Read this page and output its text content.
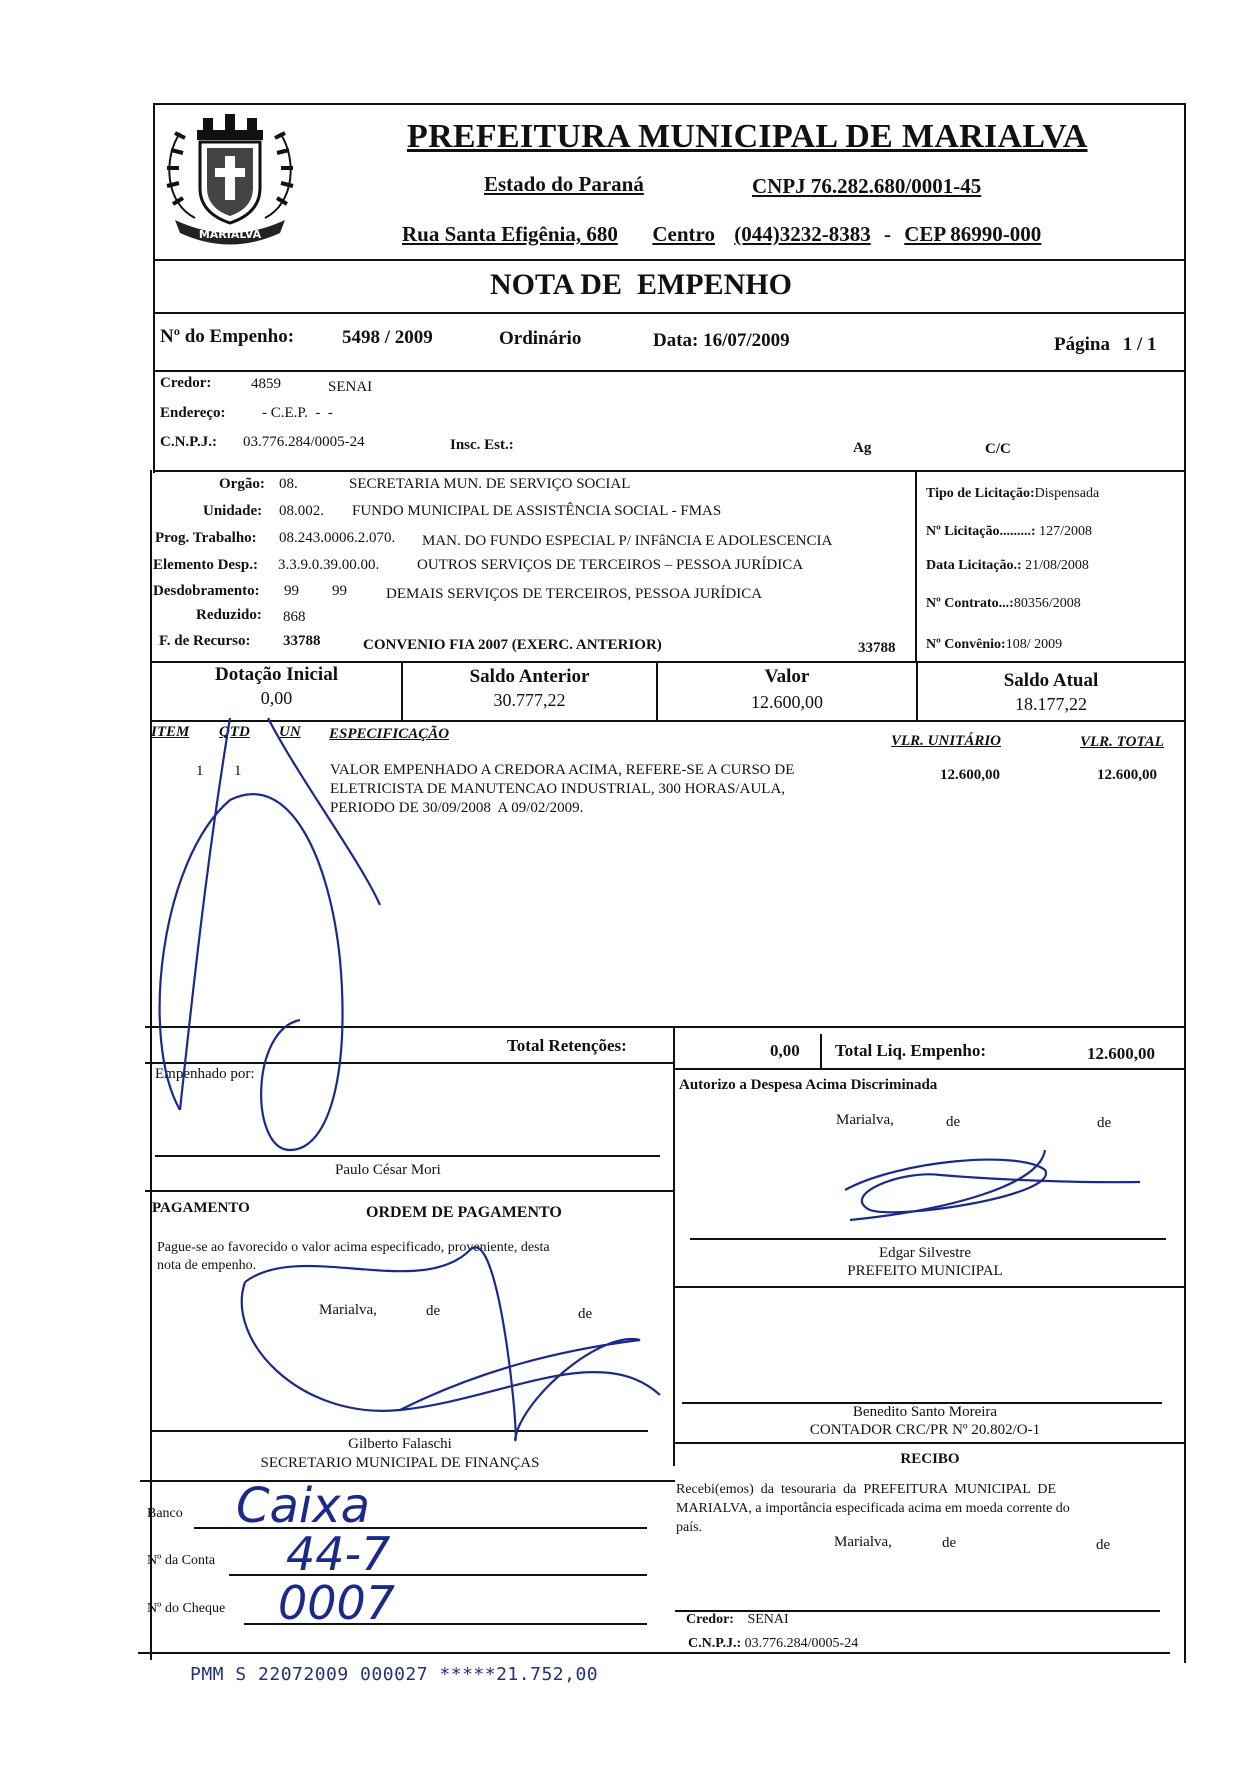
MARIALVA
PREFEITURA MUNICIPAL DE MARIALVA
Estado do Paraná	CNPJ 76.282.680/0001-45
Rua Santa Efigênia, 680 Centro (044)3232-8383 - CEP 86990-000
NOTA DE  EMPENHO
Nº do Empenho:	5498 / 2009	Ordinário	Data: 16/07/2009	Página 1 / 1
Credor:	4859	SENAI
Endereço: - C.E.P.  -  -
C.N.P.J.: 03.776.284/0005-24	Insc. Est.:	Ag	C/C
Orgão: 08.	SECRETARIA MUN. DE SERVIÇO SOCIAL
Unidade: 08.002. FUNDO MUNICIPAL DE ASSISTÊNCIA SOCIAL - FMAS
Prog. Trabalho: 08.243.0006.2.070. MAN. DO FUNDO ESPECIAL P/ INFâNCIA E ADOLESCENCIA
Elemento Desp.: 3.3.9.0.39.00.00.	OUTROS SERVIÇOS DE TERCEIROS – PESSOA JURÍDICA
Desdobramento: 99 99	DEMAIS SERVIÇOS DE TERCEIROS, PESSOA JURÍDICA
Reduzido: 868
F. de Recurso: 33788	CONVENIO FIA 2007 (EXERC. ANTERIOR)	33788
Tipo de Licitação:Dispensada
Nº Licitação.........: 127/2008
Data Licitação.: 21/08/2008
Nº Contrato...:80356/2008
Nº Convênio:108/ 2009
Dotação Inicial
0,00
Saldo Anterior
30.777,22
Valor
12.600,00
Saldo Atual
18.177,22
ITEM QTD UN ESPECIFICAÇÃO	VLR. UNITÁRIO	VLR. TOTAL
1 1	VALOR EMPENHADO A CREDORA ACIMA, REFERE-SE A CURSO DE
ELETRICISTA DE MANUTENCAO INDUSTRIAL, 300 HORAS/AULA,
PERIODO DE 30/09/2008  A 09/02/2009.
12.600,00	12.600,00
Total Retenções:	0,00 Total Liq. Empenho:	12.600,00
Empenhado por:
Paulo César Mori
Autorizo a Despesa Acima Discriminada
Marialva,	de	de
Edgar Silvestre
PREFEITO MUNICIPAL
PAGAMENTO	ORDEM DE PAGAMENTO
Pague-se ao favorecido o valor acima especificado, proveniente, desta
nota de empenho.
Marialva,	de	de
Gilberto Falaschi
SECRETARIO MUNICIPAL DE FINANÇAS
Benedito Santo Moreira
CONTADOR CRC/PR Nº 20.802/O-1
Banco Caixa
Nº da Conta 44-7
Nº do Cheque 0007
RECIBO
Recebi(emos)  da  tesouraria  da  PREFEITURA  MUNICIPAL  DE
MARIALVA, a importância especificada acima em moeda corrente do
país.
Marialva,	de	de
Credor: SENAI
C.N.P.J.: 03.776.284/0005-24
PMM S 22072009 000027 *****21.752,00
